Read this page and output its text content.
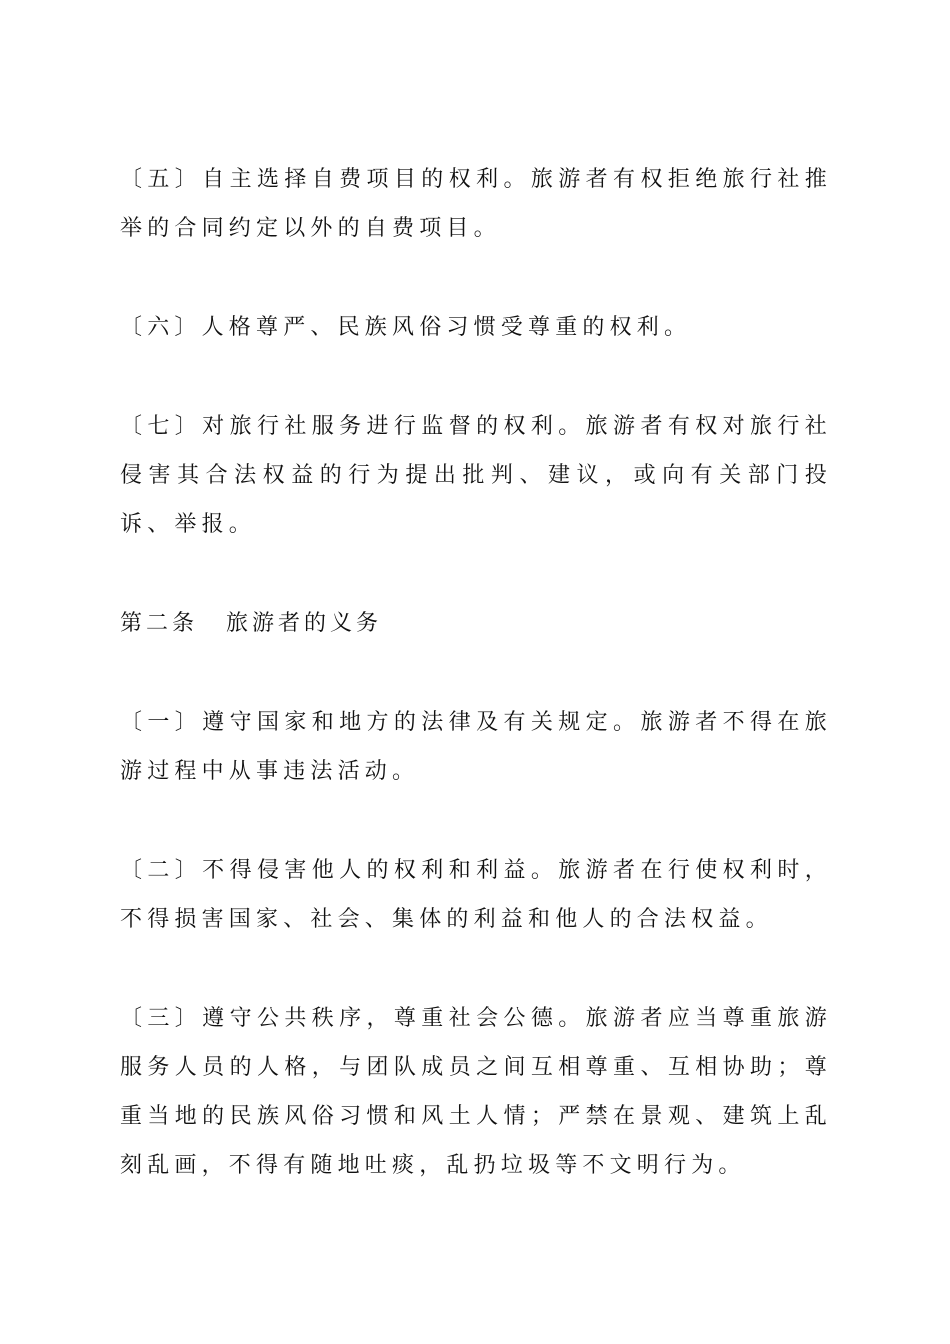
〔五〕自主选择自费项目的权利。旅游者有权拒绝旅行社推举的合同约定以外的自费项目。

〔六〕人格尊严、民族风俗习惯受尊重的权利。

〔七〕对旅行社服务进行监督的权利。旅游者有权对旅行社侵害其合法权益的行为提出批判、建议，或向有关部门投诉、举报。

第二条 旅游者的义务

〔一〕遵守国家和地方的法律及有关规定。旅游者不得在旅游过程中从事违法活动。

〔二〕不得侵害他人的权利和利益。旅游者在行使权利时，不得损害国家、社会、集体的利益和他人的合法权益。

〔三〕遵守公共秩序，尊重社会公德。旅游者应当尊重旅游服务人员的人格，与团队成员之间互相尊重、互相协助；尊重当地的民族风俗习惯和风土人情；严禁在景观、建筑上乱刻乱画，不得有随地吐痰，乱扔垃圾等不文明行为。
